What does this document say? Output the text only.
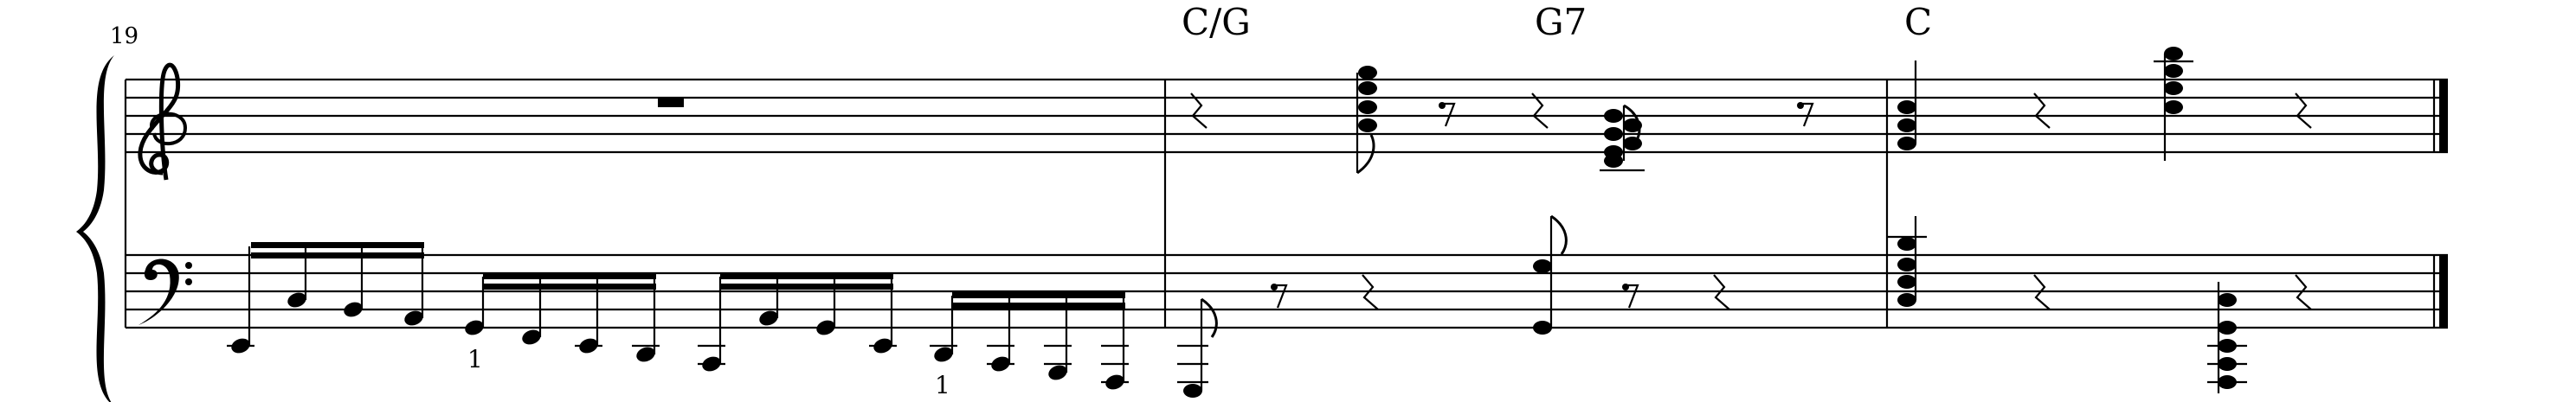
19	C/G	G7	C
1
1
